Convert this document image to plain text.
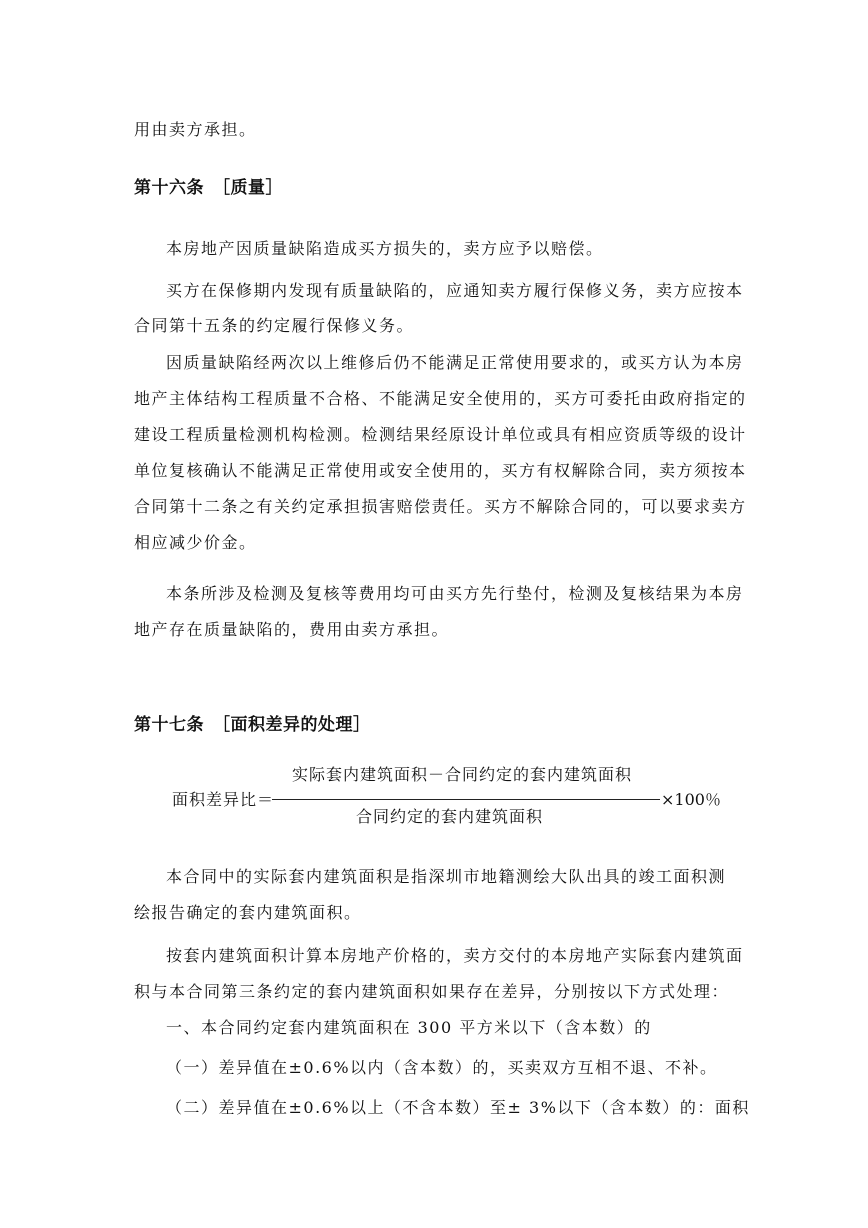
用由卖方承担。
第十六条　［质量］
本房地产因质量缺陷造成买方损失的，卖方应予以赔偿。
买方在保修期内发现有质量缺陷的，应通知卖方履行保修义务，卖方应按本
合同第十五条的约定履行保修义务。
因质量缺陷经两次以上维修后仍不能满足正常使用要求的，或买方认为本房
地产主体结构工程质量不合格、不能满足安全使用的，买方可委托由政府指定的
建设工程质量检测机构检测。检测结果经原设计单位或具有相应资质等级的设计
单位复核确认不能满足正常使用或安全使用的，买方有权解除合同，卖方须按本
合同第十二条之有关约定承担损害赔偿责任。买方不解除合同的，可以要求卖方
相应减少价金。
本条所涉及检测及复核等费用均可由买方先行垫付，检测及复核结果为本房
地产存在质量缺陷的，费用由卖方承担。
第十七条　［面积差异的处理］
实际套内建筑面积－合同约定的套内建筑面积
面积差异比＝	×100％
合同约定的套内建筑面积
本合同中的实际套内建筑面积是指深圳市地籍测绘大队出具的竣工面积测
绘报告确定的套内建筑面积。
按套内建筑面积计算本房地产价格的，卖方交付的本房地产实际套内建筑面
积与本合同第三条约定的套内建筑面积如果存在差异，分别按以下方式处理：
一、本合同约定套内建筑面积在 300 平方米以下（含本数）的
（一）差异值在±0.6%以内（含本数）的，买卖双方互相不退、不补。
（二）差异值在±0.6%以上（不含本数）至± 3%以下（含本数）的：面积
